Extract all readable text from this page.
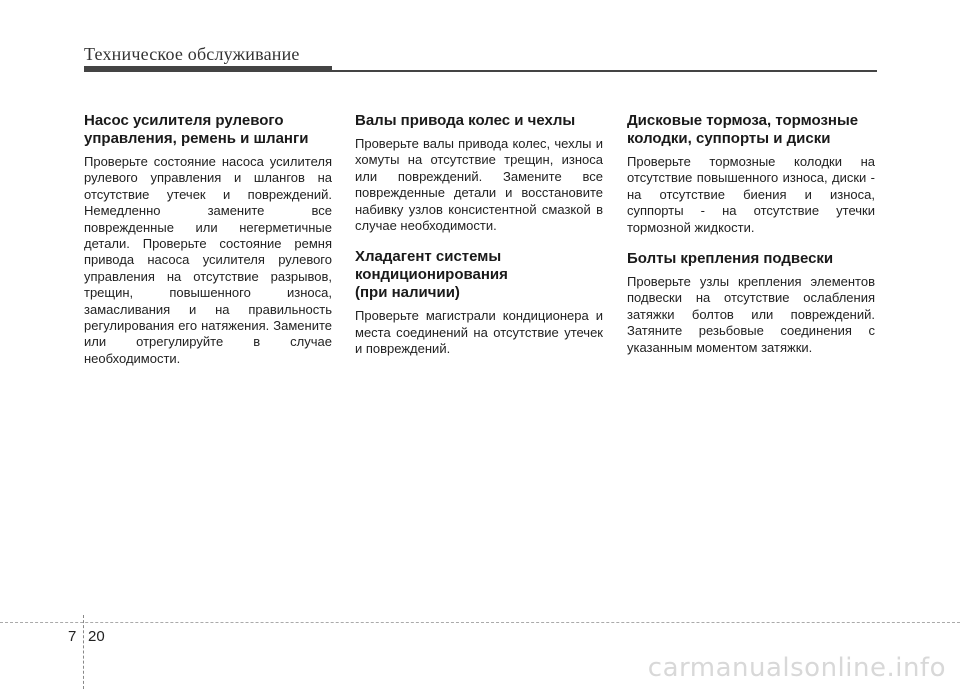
Техническое обслуживание
Насос усилителя рулевого
управления, ремень и шланги

Проверьте состояние насоса усилителя рулевого управления и шлангов на отсутствие утечек и повреждений. Немедленно замените все поврежденные или негерметичные детали. Проверьте состояние ремня привода насоса усилителя рулевого управления на отсутствие разрывов, трещин, повышенного износа, замасливания и на правильность регулирования его натяжения. Замените или отрегулируйте в случае необходимости.

Валы привода колес и чехлы

Проверьте валы привода колес, чехлы и хомуты на отсутствие трещин, износа или повреждений. Замените все поврежденные детали и восстановите набивку узлов консистентной смазкой в случае необходимости.

Хладагент системы
кондиционирования
(при наличии)

Проверьте магистрали кондиционера и места соединений на отсутствие утечек и повреждений.

Дисковые тормоза, тормозные
колодки, суппорты и диски

Проверьте тормозные колодки на отсутствие повышенного износа, диски - на отсутствие биения и износа, суппорты - на отсутствие утечки тормозной жидкости.

Болты крепления подвески

Проверьте узлы крепления элементов подвески на отсутствие ослабления затяжки болтов или повреждений. Затяните резьбовые соединения с указанным моментом затяжки.

7 20
carmanualsonline.info
